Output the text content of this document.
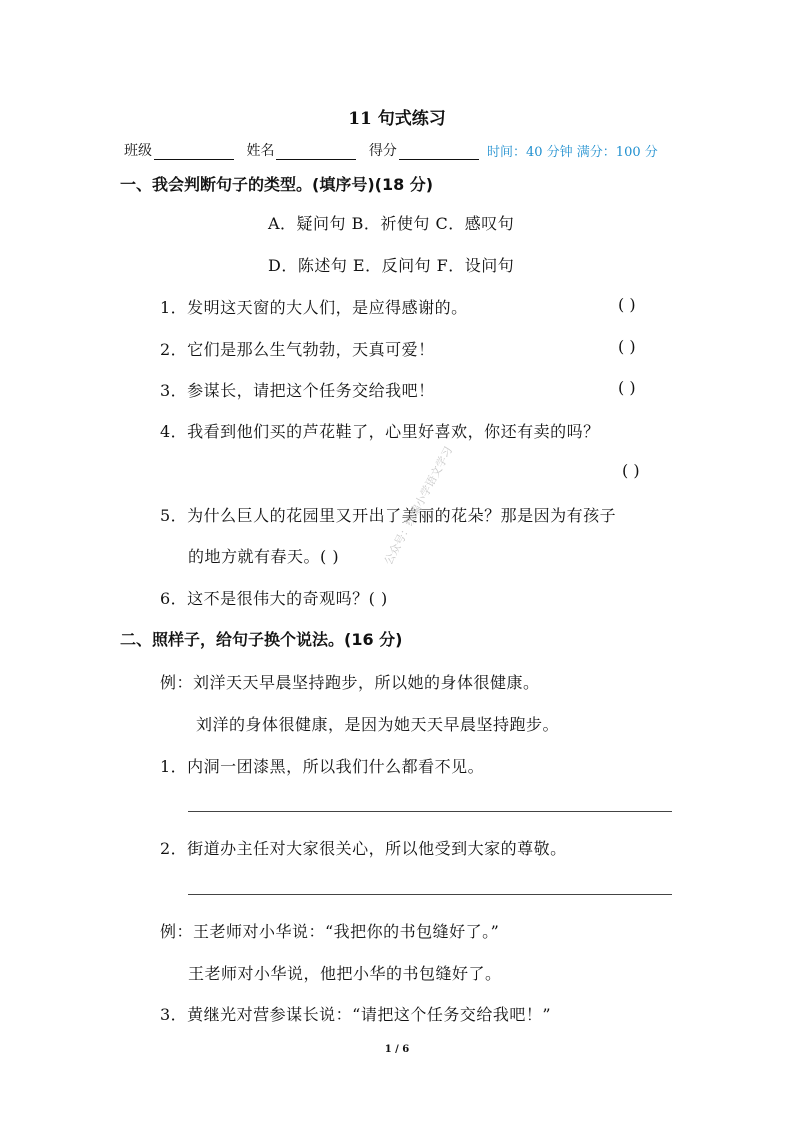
11 句式练习
班级	姓名	得分	时间：40 分钟 满分：100 分
一、我会判断句子的类型。(填序号)(18 分)
A．疑问句 B．祈使句 C．感叹句
D．陈述句 E．反问句 F．设问句
1．发明这天窗的大人们，是应得感谢的。	( )
2．它们是那么生气勃勃，天真可爱！	( )
3．参谋长，请把这个任务交给我吧！	( )
4．我看到他们买的芦花鞋了，心里好喜欢，你还有卖的吗？
( )
5．为什么巨人的花园里又开出了美丽的花朵？那是因为有孩子
的地方就有春天。( )
6．这不是很伟大的奇观吗？( )
二、照样子，给句子换个说法。(16 分)
例：刘洋天天早晨坚持跑步，所以她的身体很健康。
刘洋的身体很健康，是因为她天天早晨坚持跑步。
1．内洞一团漆黑，所以我们什么都看不见。
2．街道办主任对大家很关心，所以他受到大家的尊敬。
例：王老师对小华说：“我把你的书包缝好了。”
王老师对小华说，他把小华的书包缝好了。
3．黄继光对营参谋长说：“请把这个任务交给我吧！”
1 / 6
公众号：统编小学语文学习
